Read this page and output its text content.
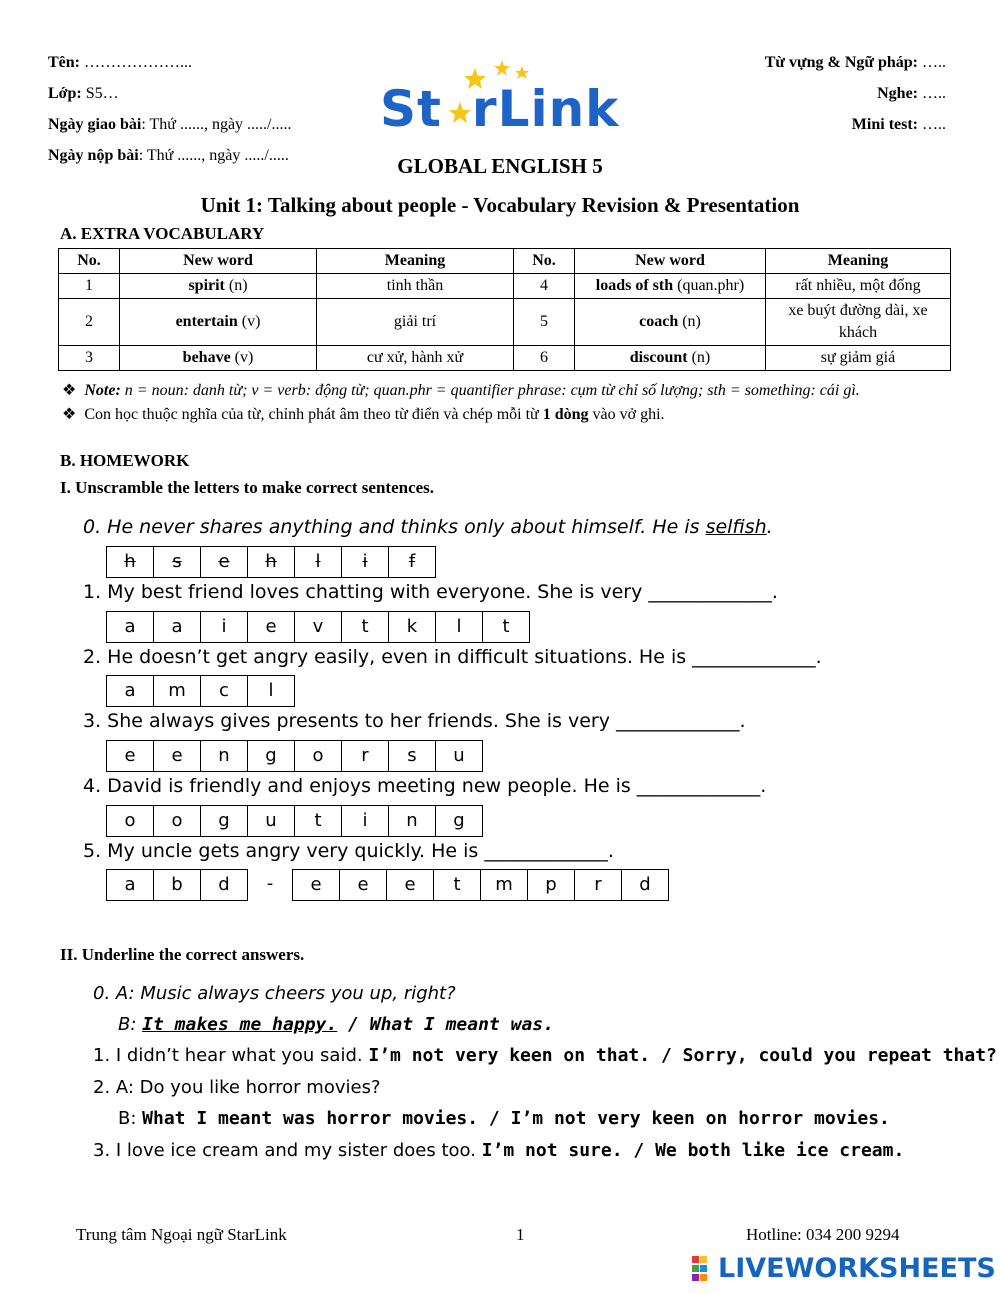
Tên: ………………...
Lớp: S5…
Ngày giao bài: Thứ ......, ngày ...../.....
Ngày nộp bài: Thứ ......, ngày ...../.....
Từ vựng & Ngữ pháp: …..
Nghe: …..
Mini test: …..
St rLink
GLOBAL ENGLISH 5
Unit 1: Talking about people - Vocabulary Revision & Presentation
A. EXTRA VOCABULARY
No.	New word	Meaning	No.	New word	Meaning
1	spirit (n)	tinh thần	4	loads of sth (quan.phr)	rất nhiều, một đống
2	entertain (v)	giải trí	5	coach (n)	xe buýt đường dài, xe khách
3	behave (v)	cư xử, hành xử	6	discount (n)	sự giảm giá
❖ Note: n = noun: danh từ; v = verb: động từ; quan.phr = quantifier phrase: cụm từ chỉ số lượng; sth = something: cái gì.
❖ Con học thuộc nghĩa của từ, chỉnh phát âm theo từ điển và chép mỗi từ 1 dòng vào vở ghi.
B. HOMEWORK
I. Unscramble the letters to make correct sentences.
0. He never shares anything and thinks only about himself. He is selfish.
h	s	e	h	l	i	f
1. My best friend loves chatting with everyone. She is very _____________.
a	a	i	e	v	t	k	l	t
2. He doesn’t get angry easily, even in difficult situations. He is _____________.
a	m	c	l
3. She always gives presents to her friends. She is very _____________.
e	e	n	g	o	r	s	u
4. David is friendly and enjoys meeting new people. He is _____________.
o	o	g	u	t	i	n	g
5. My uncle gets angry very quickly. He is _____________.
a	b	d	-	e	e	e	t	m	p	r	d
II. Underline the correct answers.
0. A: Music always cheers you up, right?
B: It makes me happy. / What I meant was.
1. I didn’t hear what you said. I’m not very keen on that. / Sorry, could you repeat that?
2. A: Do you like horror movies?
B: What I meant was horror movies. / I’m not very keen on horror movies.
3. I love ice cream and my sister does too. I’m not sure. / We both like ice cream.
Trung tâm Ngoại ngữ StarLink	1	Hotline: 034 200 9294
LIVEWORKSHEETS
